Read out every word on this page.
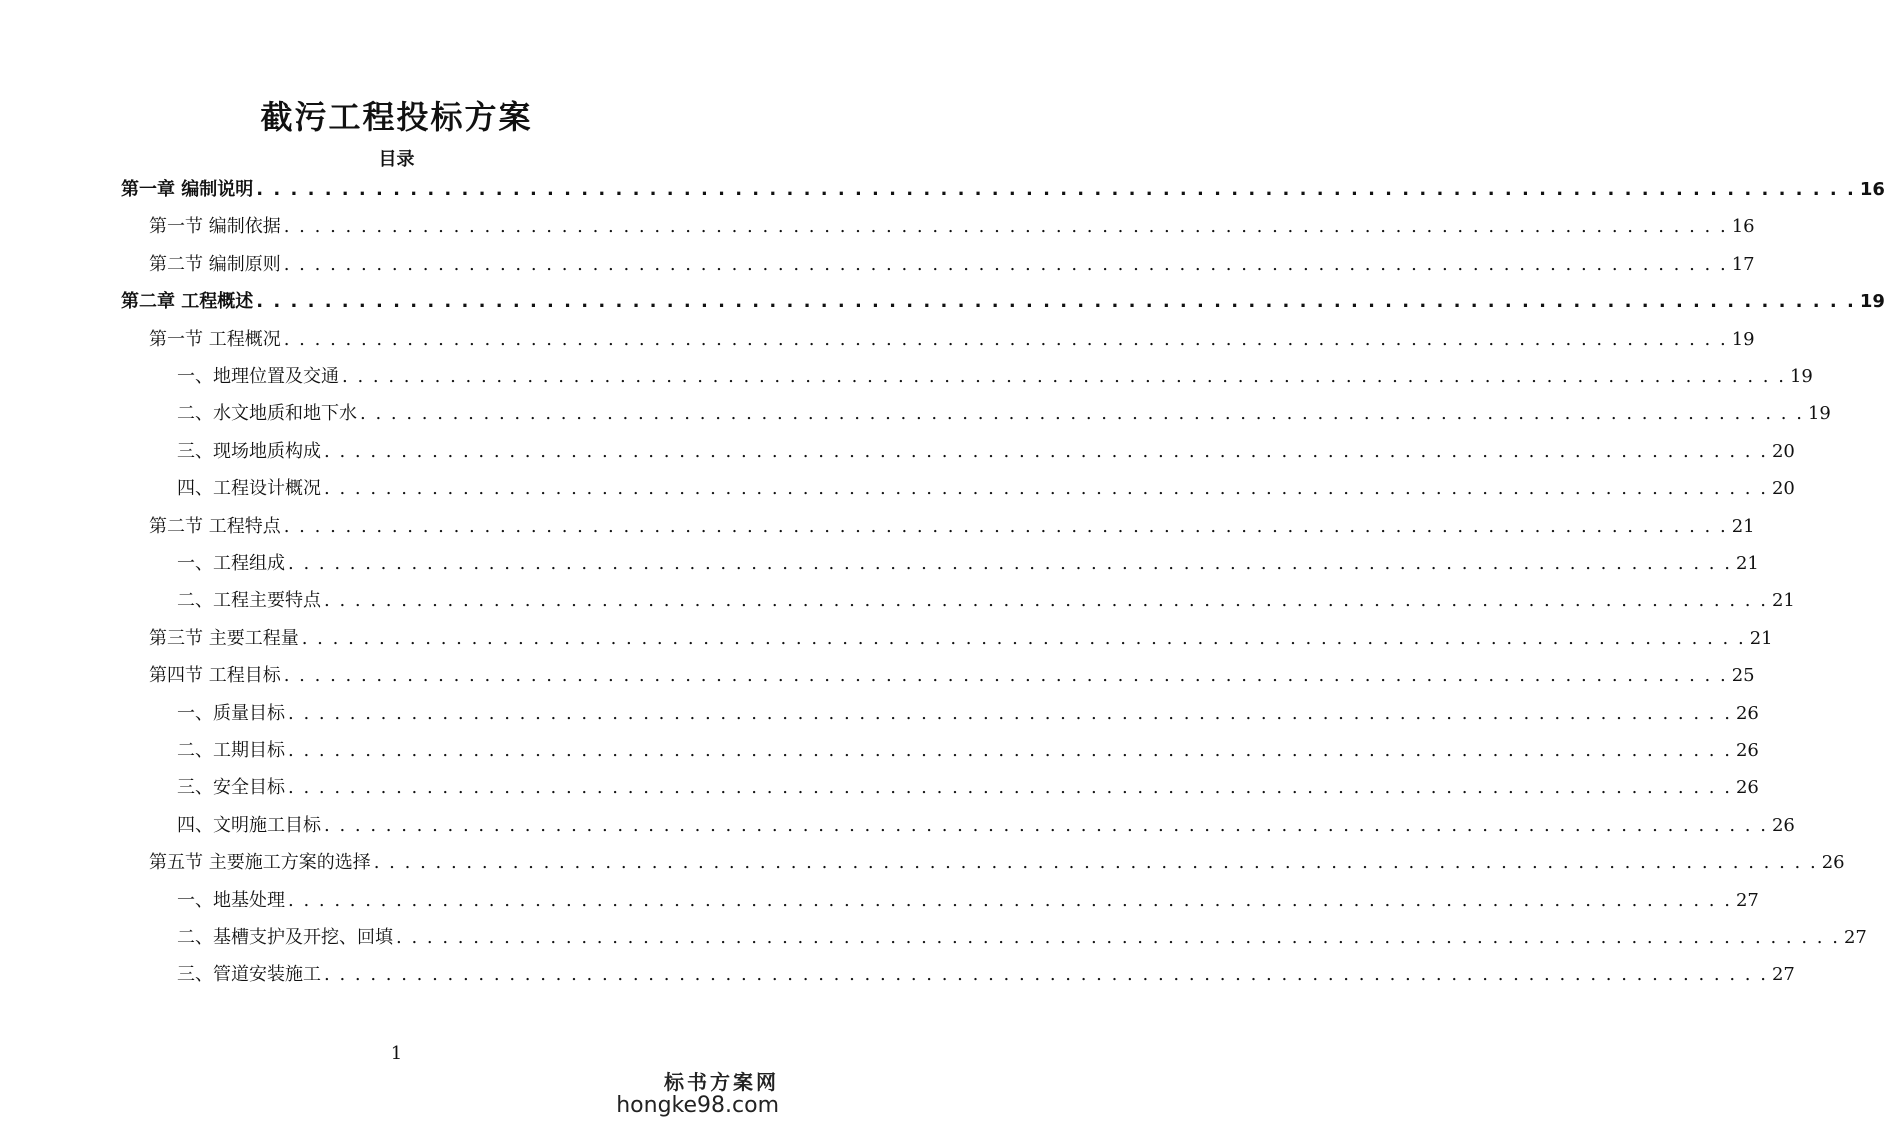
截污工程投标方案
目录
第一章 编制说明 . . . . . . . . . . . . . . . . . . . . . . . . . . . . . . . . . . . . . . . . . . . . . . . . . . . . . . . . . . . . . . . . . . . . . . . . . . . . . . . . . . . . . . . . . . . . . . 16
第一节 编制依据 . . . . . . . . . . . . . . . . . . . . . . . . . . . . . . . . . . . . . . . . . . . . . . . . . . . . . . . . . . . . . . . . . . . . . . . . . . . . . . . . . . . . . . . . . . . . . . 16
第二节 编制原则 . . . . . . . . . . . . . . . . . . . . . . . . . . . . . . . . . . . . . . . . . . . . . . . . . . . . . . . . . . . . . . . . . . . . . . . . . . . . . . . . . . . . . . . . . . . . . . 17
第二章 工程概述 . . . . . . . . . . . . . . . . . . . . . . . . . . . . . . . . . . . . . . . . . . . . . . . . . . . . . . . . . . . . . . . . . . . . . . . . . . . . . . . . . . . . . . . . . . . . . . 19
第一节 工程概况 . . . . . . . . . . . . . . . . . . . . . . . . . . . . . . . . . . . . . . . . . . . . . . . . . . . . . . . . . . . . . . . . . . . . . . . . . . . . . . . . . . . . . . . . . . . . . . 19
一、地理位置及交通 . . . . . . . . . . . . . . . . . . . . . . . . . . . . . . . . . . . . . . . . . . . . . . . . . . . . . . . . . . . . . . . . . . . . . . . . . . . . . . . . . . . . . . . . . . . . . . 19
二、水文地质和地下水 . . . . . . . . . . . . . . . . . . . . . . . . . . . . . . . . . . . . . . . . . . . . . . . . . . . . . . . . . . . . . . . . . . . . . . . . . . . . . . . . . . . . . . . . . . . . . . 19
三、现场地质构成 . . . . . . . . . . . . . . . . . . . . . . . . . . . . . . . . . . . . . . . . . . . . . . . . . . . . . . . . . . . . . . . . . . . . . . . . . . . . . . . . . . . . . . . . . . . . . . 20
四、工程设计概况 . . . . . . . . . . . . . . . . . . . . . . . . . . . . . . . . . . . . . . . . . . . . . . . . . . . . . . . . . . . . . . . . . . . . . . . . . . . . . . . . . . . . . . . . . . . . . . 20
第二节 工程特点 . . . . . . . . . . . . . . . . . . . . . . . . . . . . . . . . . . . . . . . . . . . . . . . . . . . . . . . . . . . . . . . . . . . . . . . . . . . . . . . . . . . . . . . . . . . . . . 21
一、工程组成 . . . . . . . . . . . . . . . . . . . . . . . . . . . . . . . . . . . . . . . . . . . . . . . . . . . . . . . . . . . . . . . . . . . . . . . . . . . . . . . . . . . . . . . . . . . . . . 21
二、工程主要特点 . . . . . . . . . . . . . . . . . . . . . . . . . . . . . . . . . . . . . . . . . . . . . . . . . . . . . . . . . . . . . . . . . . . . . . . . . . . . . . . . . . . . . . . . . . . . . . 21
第三节 主要工程量 . . . . . . . . . . . . . . . . . . . . . . . . . . . . . . . . . . . . . . . . . . . . . . . . . . . . . . . . . . . . . . . . . . . . . . . . . . . . . . . . . . . . . . . . . . . . . . 21
第四节 工程目标 . . . . . . . . . . . . . . . . . . . . . . . . . . . . . . . . . . . . . . . . . . . . . . . . . . . . . . . . . . . . . . . . . . . . . . . . . . . . . . . . . . . . . . . . . . . . . . 25
一、质量目标 . . . . . . . . . . . . . . . . . . . . . . . . . . . . . . . . . . . . . . . . . . . . . . . . . . . . . . . . . . . . . . . . . . . . . . . . . . . . . . . . . . . . . . . . . . . . . . 26
二、工期目标 . . . . . . . . . . . . . . . . . . . . . . . . . . . . . . . . . . . . . . . . . . . . . . . . . . . . . . . . . . . . . . . . . . . . . . . . . . . . . . . . . . . . . . . . . . . . . . 26
三、安全目标 . . . . . . . . . . . . . . . . . . . . . . . . . . . . . . . . . . . . . . . . . . . . . . . . . . . . . . . . . . . . . . . . . . . . . . . . . . . . . . . . . . . . . . . . . . . . . . 26
四、文明施工目标 . . . . . . . . . . . . . . . . . . . . . . . . . . . . . . . . . . . . . . . . . . . . . . . . . . . . . . . . . . . . . . . . . . . . . . . . . . . . . . . . . . . . . . . . . . . . . . 26
第五节 主要施工方案的选择 . . . . . . . . . . . . . . . . . . . . . . . . . . . . . . . . . . . . . . . . . . . . . . . . . . . . . . . . . . . . . . . . . . . . . . . . . . . . . . . . . . . . . . . . . . . . . . 26
一、地基处理 . . . . . . . . . . . . . . . . . . . . . . . . . . . . . . . . . . . . . . . . . . . . . . . . . . . . . . . . . . . . . . . . . . . . . . . . . . . . . . . . . . . . . . . . . . . . . . 27
二、基槽支护及开挖、回填 . . . . . . . . . . . . . . . . . . . . . . . . . . . . . . . . . . . . . . . . . . . . . . . . . . . . . . . . . . . . . . . . . . . . . . . . . . . . . . . . . . . . . . . . . . . . . . 27
三、管道安装施工 . . . . . . . . . . . . . . . . . . . . . . . . . . . . . . . . . . . . . . . . . . . . . . . . . . . . . . . . . . . . . . . . . . . . . . . . . . . . . . . . . . . . . . . . . . . . . . 27
1
标书方案网
hongke98.com
